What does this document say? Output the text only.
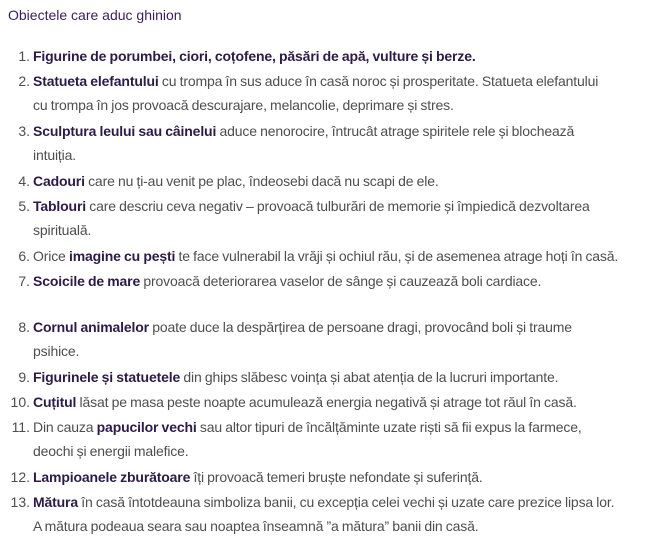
Obiectele care aduc ghinion
1. Figurine de porumbei, ciori, coțofene, păsări de apă, vulture și berze.
2. Statueta elefantului cu trompa în sus aduce în casă noroc și prosperitate. Statueta elefantului
cu trompa în jos provoacă descurajare, melancolie, deprimare și stres.
3. Sculptura leului sau câinelui aduce nenorocire, întrucât atrage spiritele rele și blochează
intuiția.
4. Cadouri care nu ți-au venit pe plac, îndeosebi dacă nu scapi de ele.
5. Tablouri care descriu ceva negativ – provoacă tulburări de memorie și împiedică dezvoltarea
spirituală.
6. Orice imagine cu pești te face vulnerabil la vrăji și ochiul rău, și de asemenea atrage hoți în casă.
7. Scoicile de mare provoacă deteriorarea vaselor de sânge și cauzează boli cardiace.
8. Cornul animalelor poate duce la despărțirea de persoane dragi, provocând boli și traume
psihice.
9. Figurinele și statuetele din ghips slăbesc voința și abat atenția de la lucruri importante.
10. Cuțitul lăsat pe masa peste noapte acumulează energia negativă și atrage tot răul în casă.
11. Din cauza papucilor vechi sau altor tipuri de încălțăminte uzate riști să fii expus la farmece,
deochi și energii malefice.
12. Lampioanele zburătoare îți provoacă temeri bruște nefondate și suferință.
13. Mătura în casă întotdeauna simboliza banii, cu excepția celei vechi și uzate care prezice lipsa lor.
A mătura podeaua seara sau noaptea înseamnă ”a mătura” banii din casă.
